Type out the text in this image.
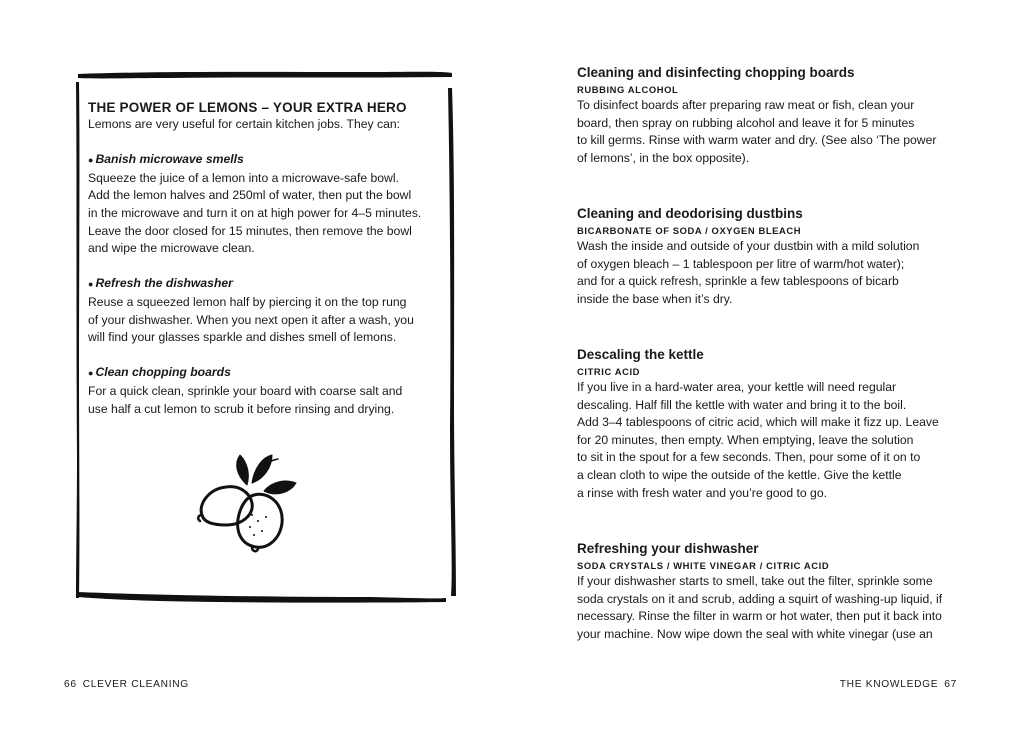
THE POWER OF LEMONS – YOUR EXTRA HERO
Lemons are very useful for certain kitchen jobs. They can:
● Banish microwave smells
Squeeze the juice of a lemon into a microwave-safe bowl.
Add the lemon halves and 250ml of water, then put the bowl
in the microwave and turn it on at high power for 4–5 minutes.
Leave the door closed for 15 minutes, then remove the bowl
and wipe the microwave clean.
● Refresh the dishwasher
Reuse a squeezed lemon half by piercing it on the top rung
of your dishwasher. When you next open it after a wash, you
will find your glasses sparkle and dishes smell of lemons.
● Clean chopping boards
For a quick clean, sprinkle your board with coarse salt and
use half a cut lemon to scrub it before rinsing and drying.
66 CLEVER CLEANING
Cleaning and disinfecting chopping boards
RUBBING ALCOHOL
To disinfect boards after preparing raw meat or fish, clean your
board, then spray on rubbing alcohol and leave it for 5 minutes
to kill germs. Rinse with warm water and dry. (See also ‘The power
of lemons’, in the box opposite).
Cleaning and deodorising dustbins
BICARBONATE OF SODA / OXYGEN BLEACH
Wash the inside and outside of your dustbin with a mild solution
of oxygen bleach – 1 tablespoon per litre of warm/hot water);
and for a quick refresh, sprinkle a few tablespoons of bicarb
inside the base when it’s dry.
Descaling the kettle
CITRIC ACID
If you live in a hard-water area, your kettle will need regular
descaling. Half fill the kettle with water and bring it to the boil.
Add 3–4 tablespoons of citric acid, which will make it fizz up. Leave
for 20 minutes, then empty. When emptying, leave the solution
to sit in the spout for a few seconds. Then, pour some of it on to
a clean cloth to wipe the outside of the kettle. Give the kettle
a rinse with fresh water and you’re good to go.
Refreshing your dishwasher
SODA CRYSTALS / WHITE VINEGAR / CITRIC ACID
If your dishwasher starts to smell, take out the filter, sprinkle some
soda crystals on it and scrub, adding a squirt of washing-up liquid, if
necessary. Rinse the filter in warm or hot water, then put it back into
your machine. Now wipe down the seal with white vinegar (use an
THE KNOWLEDGE 67
